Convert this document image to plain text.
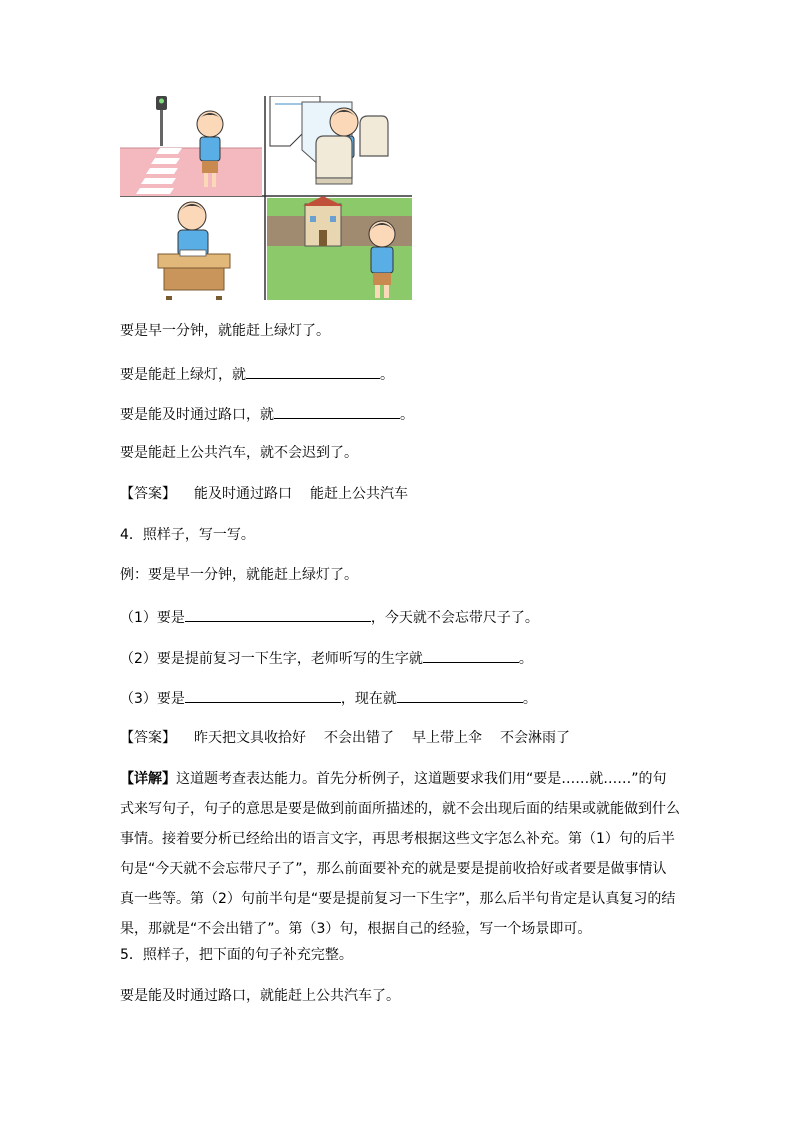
要是早一分钟，就能赶上绿灯了。
要是能赶上绿灯，就	。
要是能及时通过路口，就	。
要是能赶上公共汽车，就不会迟到了。
【答案】 能及时通过路口 能赶上公共汽车
4．照样子，写一写。
例：要是早一分钟，就能赶上绿灯了。
（1）要是	，今天就不会忘带尺子了。
（2）要是提前复习一下生字，老师听写的生字就	。
（3）要是	，现在就	。
【答案】 昨天把文具收拾好 不会出错了 早上带上伞 不会淋雨了

【详解】这道题考查表达能力。首先分析例子，这道题要求我们用“要是……就……”的句式来写句子，句子的意思是要是做到前面所描述的，就不会出现后面的结果或就能做到什么事情。接着要分析已经给出的语言文字，再思考根据这些文字怎么补充。第（1）句的后半句是“今天就不会忘带尺子了”，那么前面要补充的就是要是提前收拾好或者要是做事情认真一些等。第（2）句前半句是“要是提前复习一下生字”，那么后半句肯定是认真复习的结果，那就是“不会出错了”。第（3）句，根据自己的经验，写一个场景即可。

5．照样子，把下面的句子补充完整。
要是能及时通过路口，就能赶上公共汽车了。
